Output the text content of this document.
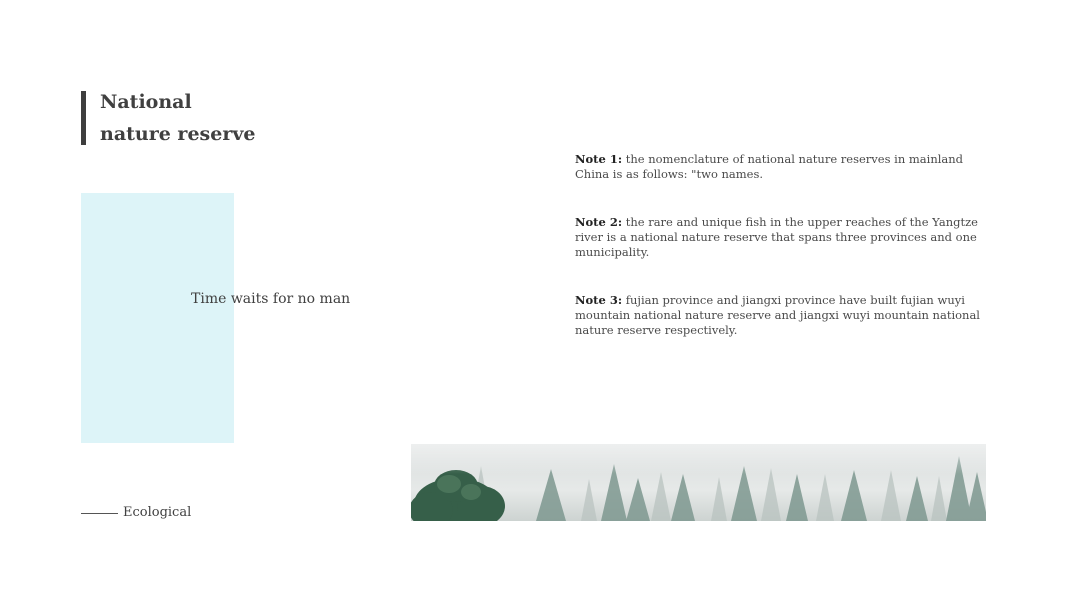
National
nature reserve
Time waits for no man
Ecological

Note 1: the nomenclature of national nature reserves in mainland China is as follows: "two names.

Note 2: the rare and unique fish in the upper reaches of the Yangtze river is a national nature reserve that spans three provinces and one municipality.

Note 3: fujian province and jiangxi province have built fujian wuyi mountain national nature reserve and jiangxi wuyi mountain national nature reserve respectively.
